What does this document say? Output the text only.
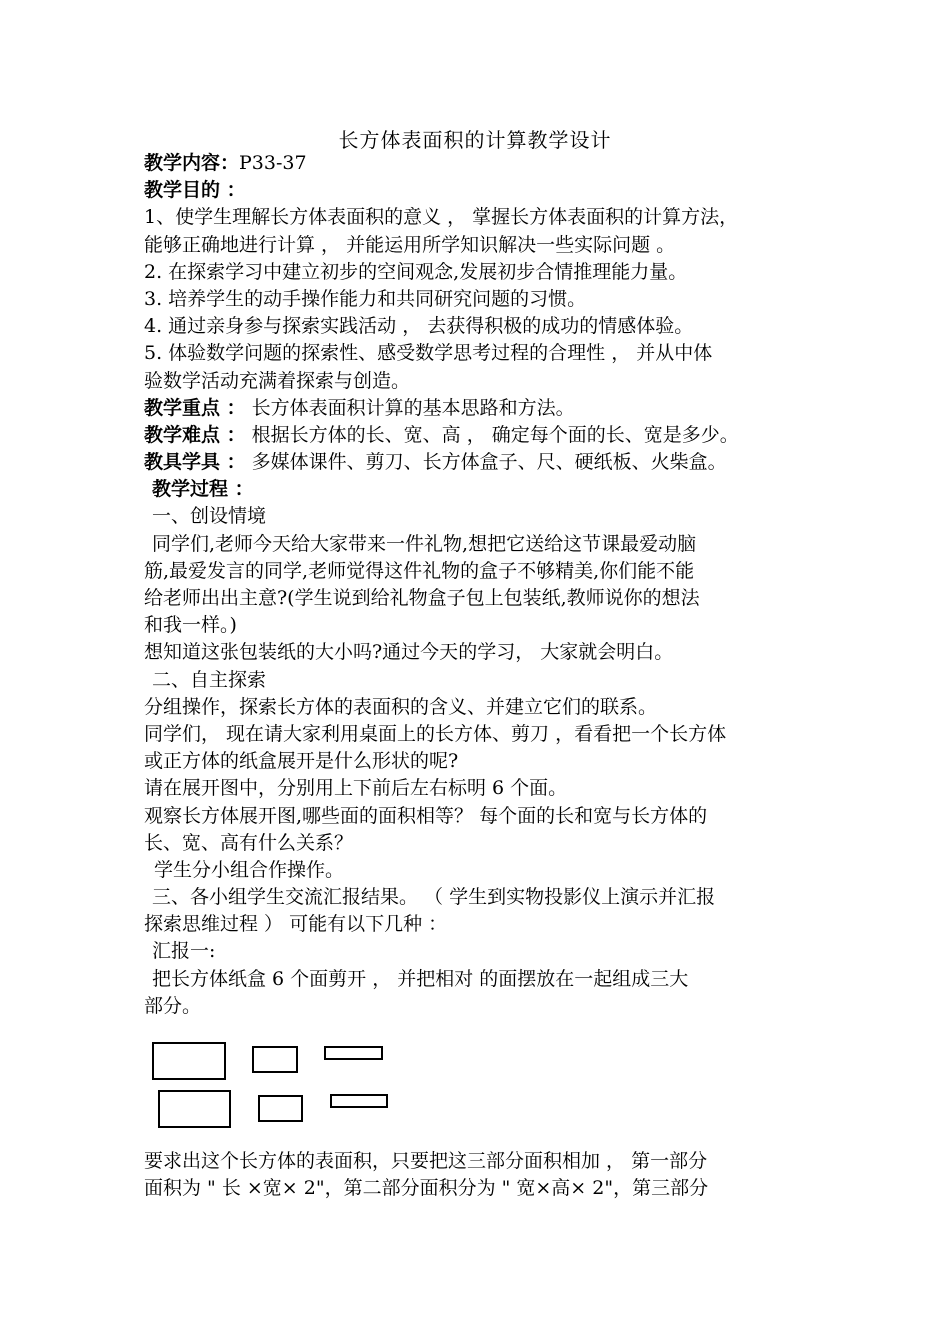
长方体表面积的计算教学设计
教学内容：P33-37
教学目的 ：
1、使学生理解长方体表面积的意义 ， 掌握长方体表面积的计算方法，
能够正确地进行计算 ， 并能运用所学知识解决一些实际问题 。
2. 在探索学习中建立初步的空间观念,发展初步合情推理能力量。
3. 培养学生的动手操作能力和共同研究问题的习惯。
4. 通过亲身参与探索实践活动 ， 去获得积极的成功的情感体验。
5. 体验数学问题的探索性、感受数学思考过程的合理性 ， 并从中体
验数学活动充满着探索与创造。
教学重点 ： 长方体表面积计算的基本思路和方法。
教学难点 ： 根据长方体的长、宽、高 ， 确定每个面的长、宽是多少。
教具学具 ： 多媒体课件、剪刀、长方体盒子、尺、硬纸板、火柴盒。
教学过程 ：
一、创设情境
同学们,老师今天给大家带来一件礼物,想把它送给这节课最爱动脑
筋,最爱发言的同学,老师觉得这件礼物的盒子不够精美,你们能不能
给老师出出主意?(学生说到给礼物盒子包上包装纸,教师说你的想法
和我一样。)
想知道这张包装纸的大小吗?通过今天的学习， 大家就会明白。
二、自主探索
分组操作，探索长方体的表面积的含义、并建立它们的联系。
同学们， 现在请大家利用桌面上的长方体、剪刀 ，看看把一个长方体
或正方体的纸盒展开是什么形状的呢?
请在展开图中，分别用上下前后左右标明 6 个面。
观察长方体展开图,哪些面的面积相等？ 每个面的长和宽与长方体的
长、宽、高有什么关系？
学生分小组合作操作。
三、各小组学生交流汇报结果。 （ 学生到实物投影仪上演示并汇报
探索思维过程 ） 可能有以下几种 ：
汇报一:
把长方体纸盒 6 个面剪开 ， 并把相对 的面摆放在一起组成三大
部分。
要求出这个长方体的表面积，只要把这三部分面积相加 ， 第一部分
面积为 " 长 ×宽× 2"，第二部分面积分为 " 宽×高× 2"，第三部分
